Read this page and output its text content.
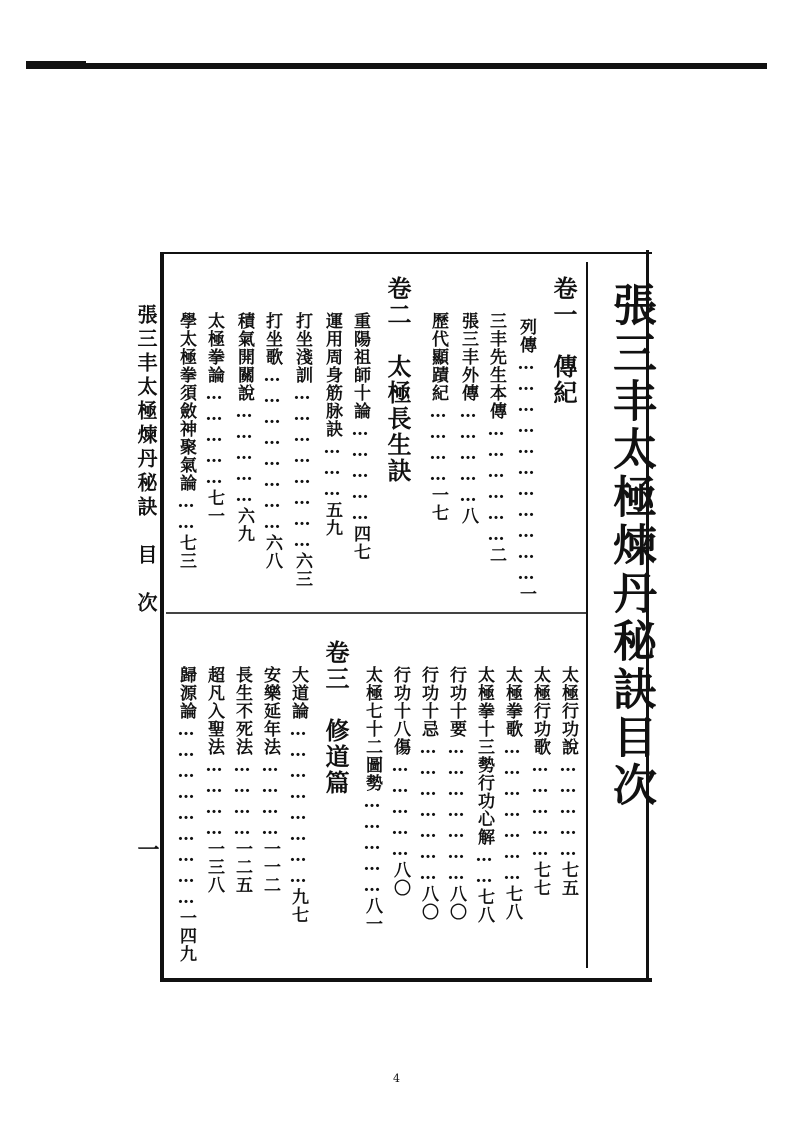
張三丰太極煉丹秘訣目次
卷一　傳紀
列傳……………………………一
三丰先生本傳………………二
張三丰外傳……………八
歷代顯蹟紀…………一七
卷二　太極長生訣
重陽祖師十論……………四七
運用周身筋脉訣………五九
打坐淺訓……………………六三
打坐歌……………………六八
積氣開關說……………六九
太極拳論……………七一
學太極拳須斂神聚氣論……七三
太極行功說……………七五
太極行功歌……………七七
太極拳歌…………………七八
太極拳十三勢行功心解……七八
行功十要…………………八〇
行功十忌…………………八〇
行功十八傷……………八〇
太極七十二圖勢……………八一
卷三　修道篇
大道論……………………九七
安樂延年法…………一一二
長生不死法…………一二五
超凡入聖法…………一三八
歸源論………………………一四九
張三丰太極煉丹秘訣　目　次
一
4
